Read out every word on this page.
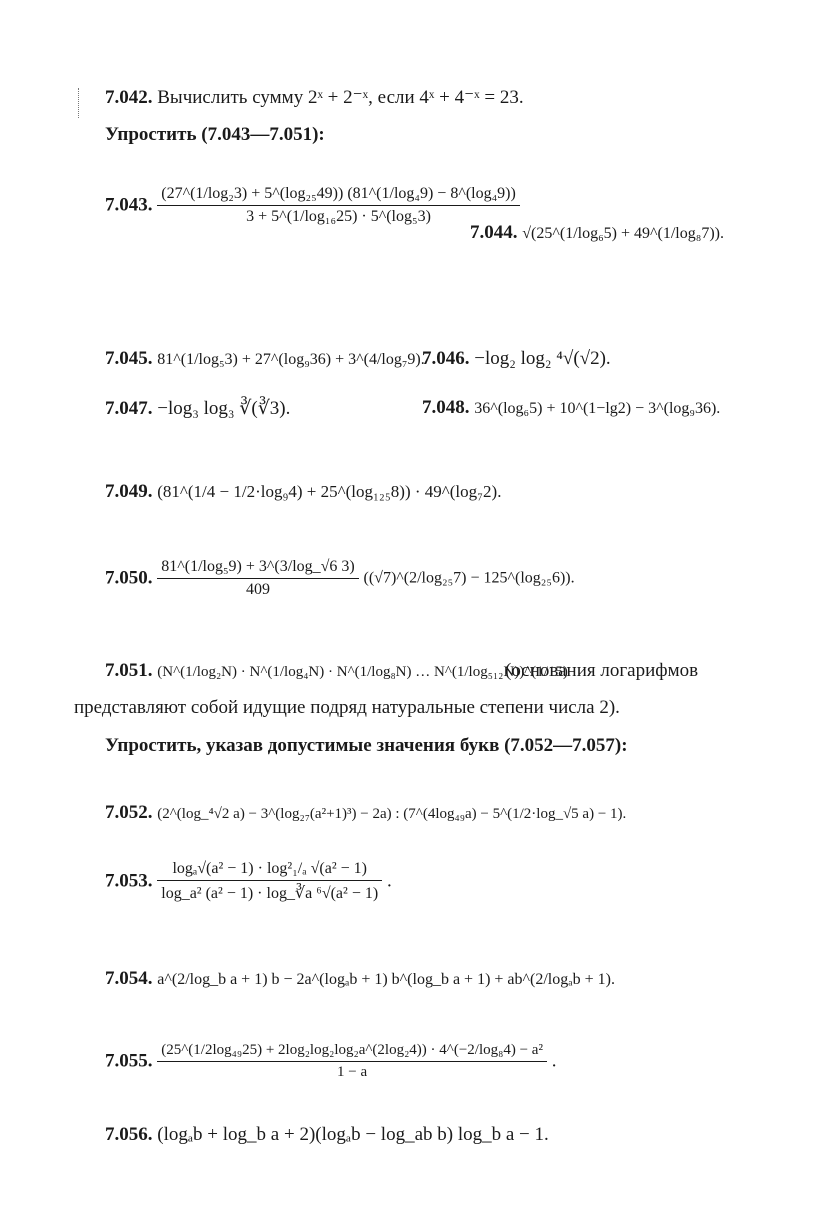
7.042. Вычислить сумму 2ˣ + 2⁻ˣ, если 4ˣ + 4⁻ˣ = 23.
Упростить (7.043—7.051):
7.043. $\frac{\text{(27\textasciicircum{}(1/log₂3) + 5\textasciicircum{}(log₂₅49)) (81\textasciicircum{}(1/log₄9) − 8\textasciicircum{}(log₄9))}}{\text{3 + 5\textasciicircum{}(1/log₁₆25) · 5\textasciicircum{}(log₅3)}}$
7.044. √(25^(1/log₆5) + 49^(1/log₈7)).
7.045. 81^(1/log₅3) + 27^(log₉36) + 3^(4/log₇9).
7.046. −log₂ log₂ ⁴√(√2).
7.047. −log₃ log₃ ∛(∛3).	7.048. 36^(log₆5) + 10^(1−lg2) − 3^(log₉36).
7.049. (81^(1/4 − 1/2·log₉4) + 25^(log₁₂₅8)) · 49^(log₇2).
7.050. $\frac{\text{81\textasciicircum{}(1/log₅9) + 3\textasciicircum{}(3/log\_√6 3)}}{409}$ ((√7)^(2/log₂₅7) − 125^(log₂₅6)).
7.051. (N^(1/log₂N) · N^(1/log₄N) · N^(1/log₈N) … N^(1/log₅₁₂N))^(1/15)
(основания логарифмов
представляют собой идущие подряд натуральные степени числа 2).
Упростить, указав допустимые значения букв (7.052—7.057):
7.052. (2^(log_⁴√2 a) − 3^(log₂₇(a²+1)³) − 2a) : (7^(4log₄₉a) − 5^(1/2·log_√5 a) − 1).
7.053. $\frac{\text{logₐ√(a² − 1) · log²₁/ₐ √(a² − 1)}}{\text{log\_a² (a² − 1) · log\_∛a ⁶√(a² − 1)}}$ .
7.054. a^(2/log_b a + 1) b − 2a^(logₐb + 1) b^(log_b a + 1) + ab^(2/logₐb + 1).
7.055.
(25^(1/2log₄₉25) + 2log₂log₂log₂a^(2log₂4)) · 4^(−2/log₈4) − a²
1 − a
.
7.056. (logₐb + log_b a + 2)(logₐb − log_ab b) log_b a − 1.
